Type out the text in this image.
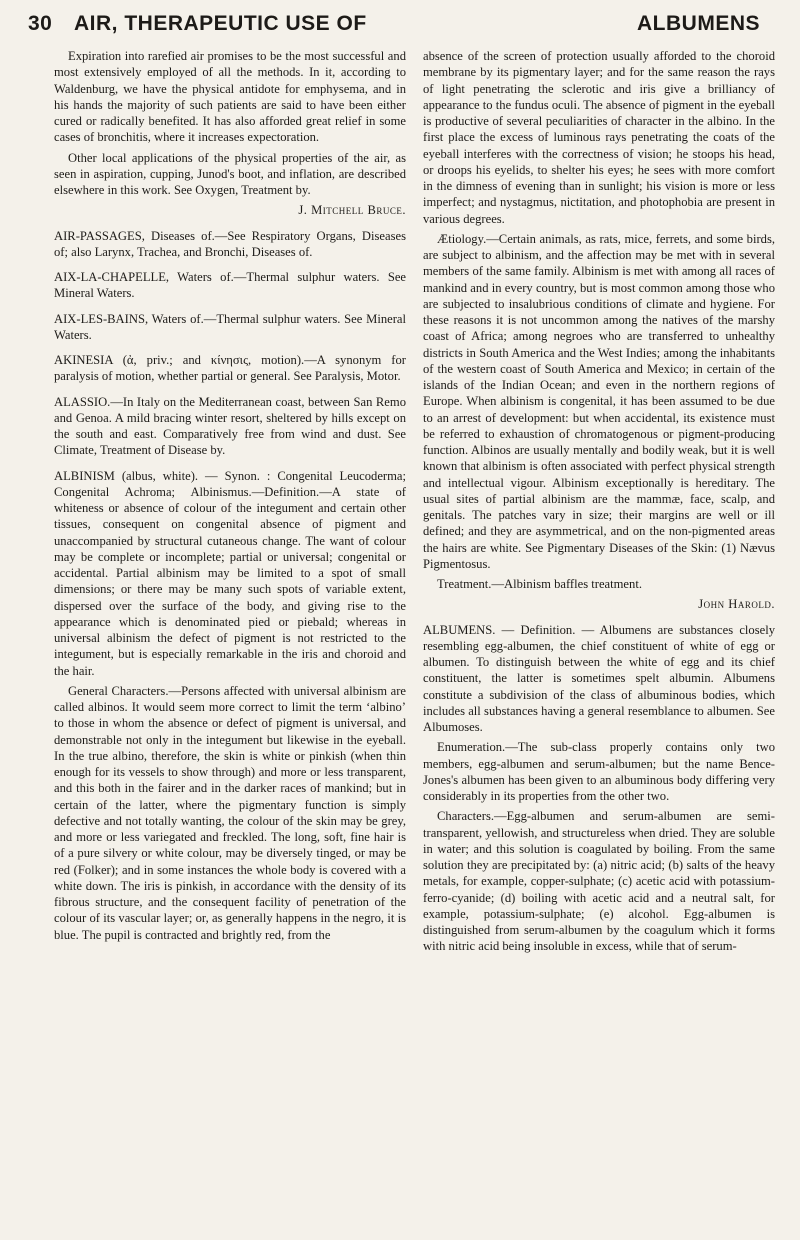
30 AIR, THERAPEUTIC USE OF	ALBUMENS

Expiration into rarefied air promises to be the most successful and most extensively employed of all the methods. In it, according to Waldenburg, we have the physical antidote for emphysema, and in his hands the majority of such patients are said to have been either cured or radically benefited. It has also afforded great relief in some cases of bronchitis, where it increases expectoration.

Other local applications of the physical properties of the air, as seen in aspiration, cupping, Junod's boot, and inflation, are described elsewhere in this work. See Oxygen, Treatment by.

J. Mitchell Bruce.

AIR-PASSAGES, Diseases of.—See Respiratory Organs, Diseases of; also Larynx, Trachea, and Bronchi, Diseases of.

AIX-LA-CHAPELLE, Waters of.—Thermal sulphur waters. See Mineral Waters.

AIX-LES-BAINS, Waters of.—Thermal sulphur waters. See Mineral Waters.

AKINESIA (ἀ, priv.; and κίνησις, motion).—A synonym for paralysis of motion, whether partial or general. See Paralysis, Motor.

ALASSIO.—In Italy on the Mediterranean coast, between San Remo and Genoa. A mild bracing winter resort, sheltered by hills except on the south and east. Comparatively free from wind and dust. See Climate, Treatment of Disease by.

ALBINISM (albus, white). — Synon. : Congenital Leucoderma; Congenital Achroma; Albinismus.—Definition.—A state of whiteness or absence of colour of the integument and certain other tissues, consequent on congenital absence of pigment and unaccompanied by structural cutaneous change. The want of colour may be complete or incomplete; partial or universal; congenital or accidental. Partial albinism may be limited to a spot of small dimensions; or there may be many such spots of variable extent, dispersed over the surface of the body, and giving rise to the appearance which is denominated pied or piebald; whereas in universal albinism the defect of pigment is not restricted to the integument, but is especially remarkable in the iris and choroid and the hair.

General Characters.—Persons affected with universal albinism are called albinos. It would seem more correct to limit the term ‘albino’ to those in whom the absence or defect of pigment is universal, and demonstrable not only in the integument but likewise in the eyeball. In the true albino, therefore, the skin is white or pinkish (when thin enough for its vessels to show through) and more or less transparent, and this both in the fairer and in the darker races of mankind; but in certain of the latter, where the pigmentary function is simply defective and not totally wanting, the colour of the skin may be grey, and more or less variegated and freckled. The long, soft, fine hair is of a pure silvery or white colour, may be diversely tinged, or may be red (Folker); and in some instances the whole body is covered with a white down. The iris is pinkish, in accordance with the density of its fibrous structure, and the consequent facility of penetration of the colour of its vascular layer; or, as generally happens in the negro, it is blue. The pupil is contracted and brightly red, from the

absence of the screen of protection usually afforded to the choroid membrane by its pigmentary layer; and for the same reason the rays of light penetrating the sclerotic and iris give a brilliancy of appearance to the fundus oculi. The absence of pigment in the eyeball is productive of several peculiarities of character in the albino. In the first place the excess of luminous rays penetrating the coats of the eyeball interferes with the correctness of vision; he stoops his head, or droops his eyelids, to shelter his eyes; he sees with more comfort in the dimness of evening than in sunlight; his vision is more or less imperfect; and nystagmus, nictitation, and photophobia are present in various degrees.

Ætiology.—Certain animals, as rats, mice, ferrets, and some birds, are subject to albinism, and the affection may be met with in several members of the same family. Albinism is met with among all races of mankind and in every country, but is most common among those who are subjected to insalubrious conditions of climate and hygiene. For these reasons it is not uncommon among the natives of the marshy coast of Africa; among negroes who are transferred to unhealthy districts in South America and the West Indies; among the inhabitants of the western coast of South America and Mexico; in certain of the islands of the Indian Ocean; and even in the northern regions of Europe. When albinism is congenital, it has been assumed to be due to an arrest of development: but when accidental, its existence must be referred to exhaustion of chromatogenous or pigment-producing function. Albinos are usually mentally and bodily weak, but it is well known that albinism is often associated with perfect physical strength and intellectual vigour. Albinism exceptionally is hereditary. The usual sites of partial albinism are the mammæ, face, scalp, and genitals. The patches vary in size; their margins are well or ill defined; and they are asymmetrical, and on the non-pigmented areas the hairs are white. See Pigmentary Diseases of the Skin: (1) Nævus Pigmentosus.

Treatment.—Albinism baffles treatment.

John Harold.

ALBUMENS. — Definition. — Albumens are substances closely resembling egg-albumen, the chief constituent of white of egg or albumen. To distinguish between the white of egg and its chief constituent, the latter is sometimes spelt albumin. Albumens constitute a subdivision of the class of albuminous bodies, which includes all substances having a general resemblance to albumen. See Albumoses.

Enumeration.—The sub-class properly contains only two members, egg-albumen and serum-albumen; but the name Bence-Jones's albumen has been given to an albuminous body differing very considerably in its properties from the other two.

Characters.—Egg-albumen and serum-albumen are semi-transparent, yellowish, and structureless when dried. They are soluble in water; and this solution is coagulated by boiling. From the same solution they are precipitated by: (a) nitric acid; (b) salts of the heavy metals, for example, copper-sulphate; (c) acetic acid with potassium-ferro-cyanide; (d) boiling with acetic acid and a neutral salt, for example, potassium-sulphate; (e) alcohol. Egg-albumen is distinguished from serum-albumen by the coagulum which it forms with nitric acid being insoluble in excess, while that of serum-
